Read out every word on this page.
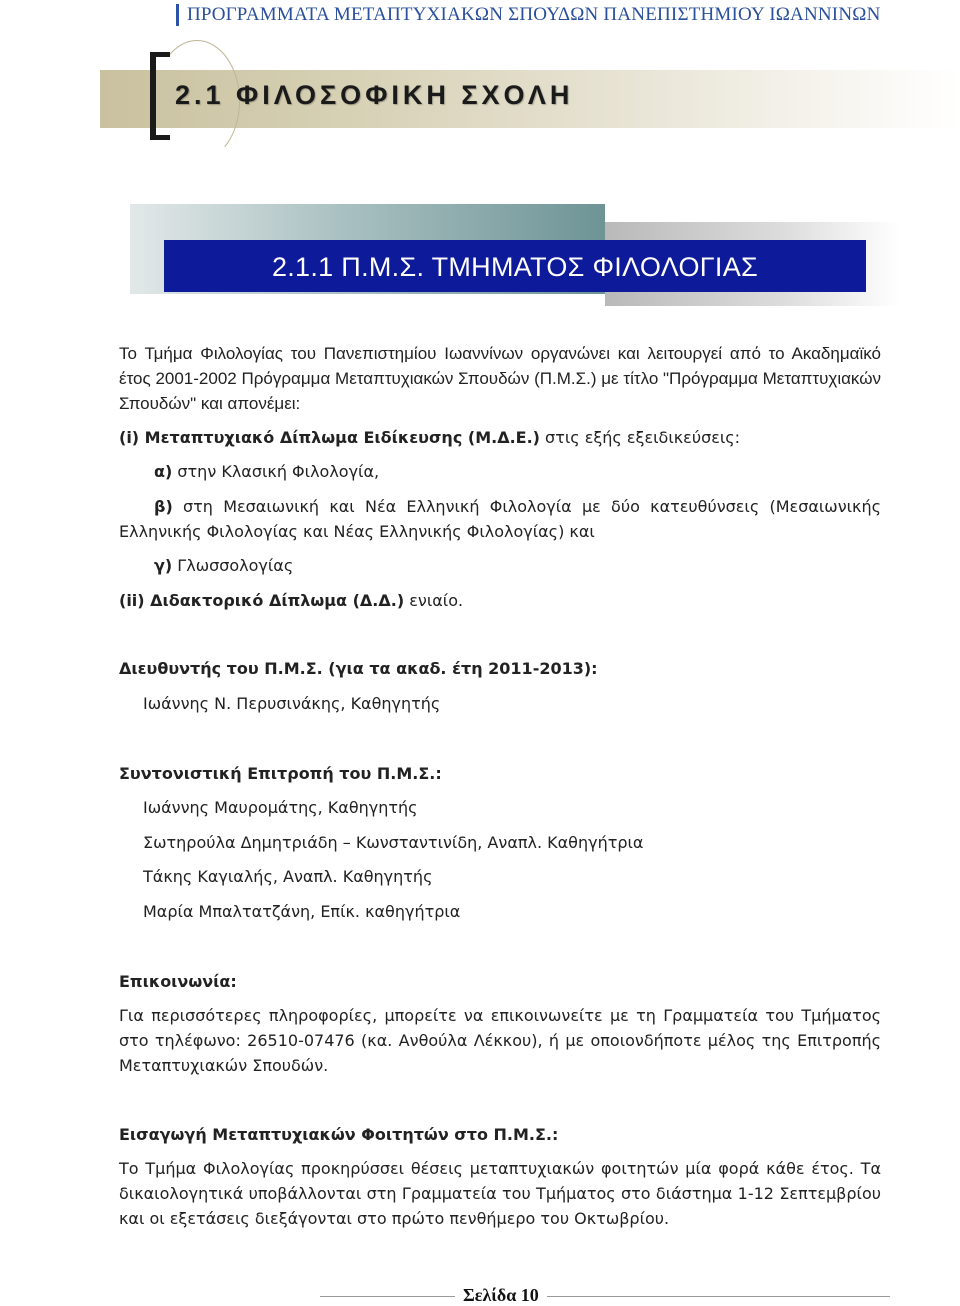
ΠΡΟΓΡΑΜΜΑΤΑ ΜΕΤΑΠΤΥΧΙΑΚΩΝ ΣΠΟΥΔΩΝ ΠΑΝΕΠΙΣΤΗΜΙΟΥ ΙΩΑΝΝΙΝΩΝ
2.1 ΦΙΛΟΣΟΦΙΚΗ ΣΧΟΛΗ
2.1.1 Π.Μ.Σ. ΤΜΗΜΑΤΟΣ ΦΙΛΟΛΟΓΙΑΣ
Το Τμήμα Φιλολογίας του Πανεπιστημίου Ιωαννίνων οργανώνει και λειτουργεί από το Ακαδημαϊκό έτος 2001-2002 Πρόγραμμα Μεταπτυχιακών Σπουδών (Π.Μ.Σ.) με τίτλο "Πρόγραμμα Μεταπτυχιακών Σπουδών" και απονέμει:
(i) Μεταπτυχιακό Δίπλωμα Ειδίκευσης (Μ.Δ.Ε.) στις εξής εξειδικεύσεις:
α) στην Κλασική Φιλολογία,
β) στη Μεσαιωνική και Νέα Ελληνική Φιλολογία με δύο κατευθύνσεις (Μεσαιωνικής Ελληνικής Φιλολογίας και Νέας Ελληνικής Φιλολογίας) και
γ) Γλωσσολογίας
(ii) Διδακτορικό Δίπλωμα (Δ.Δ.) ενιαίο.
Διευθυντής του Π.Μ.Σ. (για τα ακαδ. έτη 2011-2013):
Ιωάννης Ν. Περυσινάκης, Καθηγητής
Συντονιστική Επιτροπή του Π.Μ.Σ.:
Ιωάννης Μαυρομάτης, Καθηγητής
Σωτηρούλα Δημητριάδη – Κωνσταντινίδη, Αναπλ. Καθηγήτρια
Τάκης Καγιαλής, Αναπλ. Καθηγητής
Μαρία Μπαλτατζάνη, Επίκ. καθηγήτρια
Επικοινωνία:
Για περισσότερες πληροφορίες, μπορείτε να επικοινωνείτε με τη Γραμματεία του Τμήματος στο τηλέφωνο: 26510-07476 (κα. Ανθούλα Λέκκου), ή με οποιονδήποτε μέλος της Επιτροπής Μεταπτυχιακών Σπουδών.
Εισαγωγή Μεταπτυχιακών Φοιτητών στο Π.Μ.Σ.:
Το Τμήμα Φιλολογίας προκηρύσσει θέσεις μεταπτυχιακών φοιτητών μία φορά κάθε έτος. Τα δικαιολογητικά υποβάλλονται στη Γραμματεία του Τμήματος στο διάστημα 1-12 Σεπτεμβρίου και οι εξετάσεις διεξάγονται στο πρώτο πενθήμερο του Οκτωβρίου.
Σελίδα 10
